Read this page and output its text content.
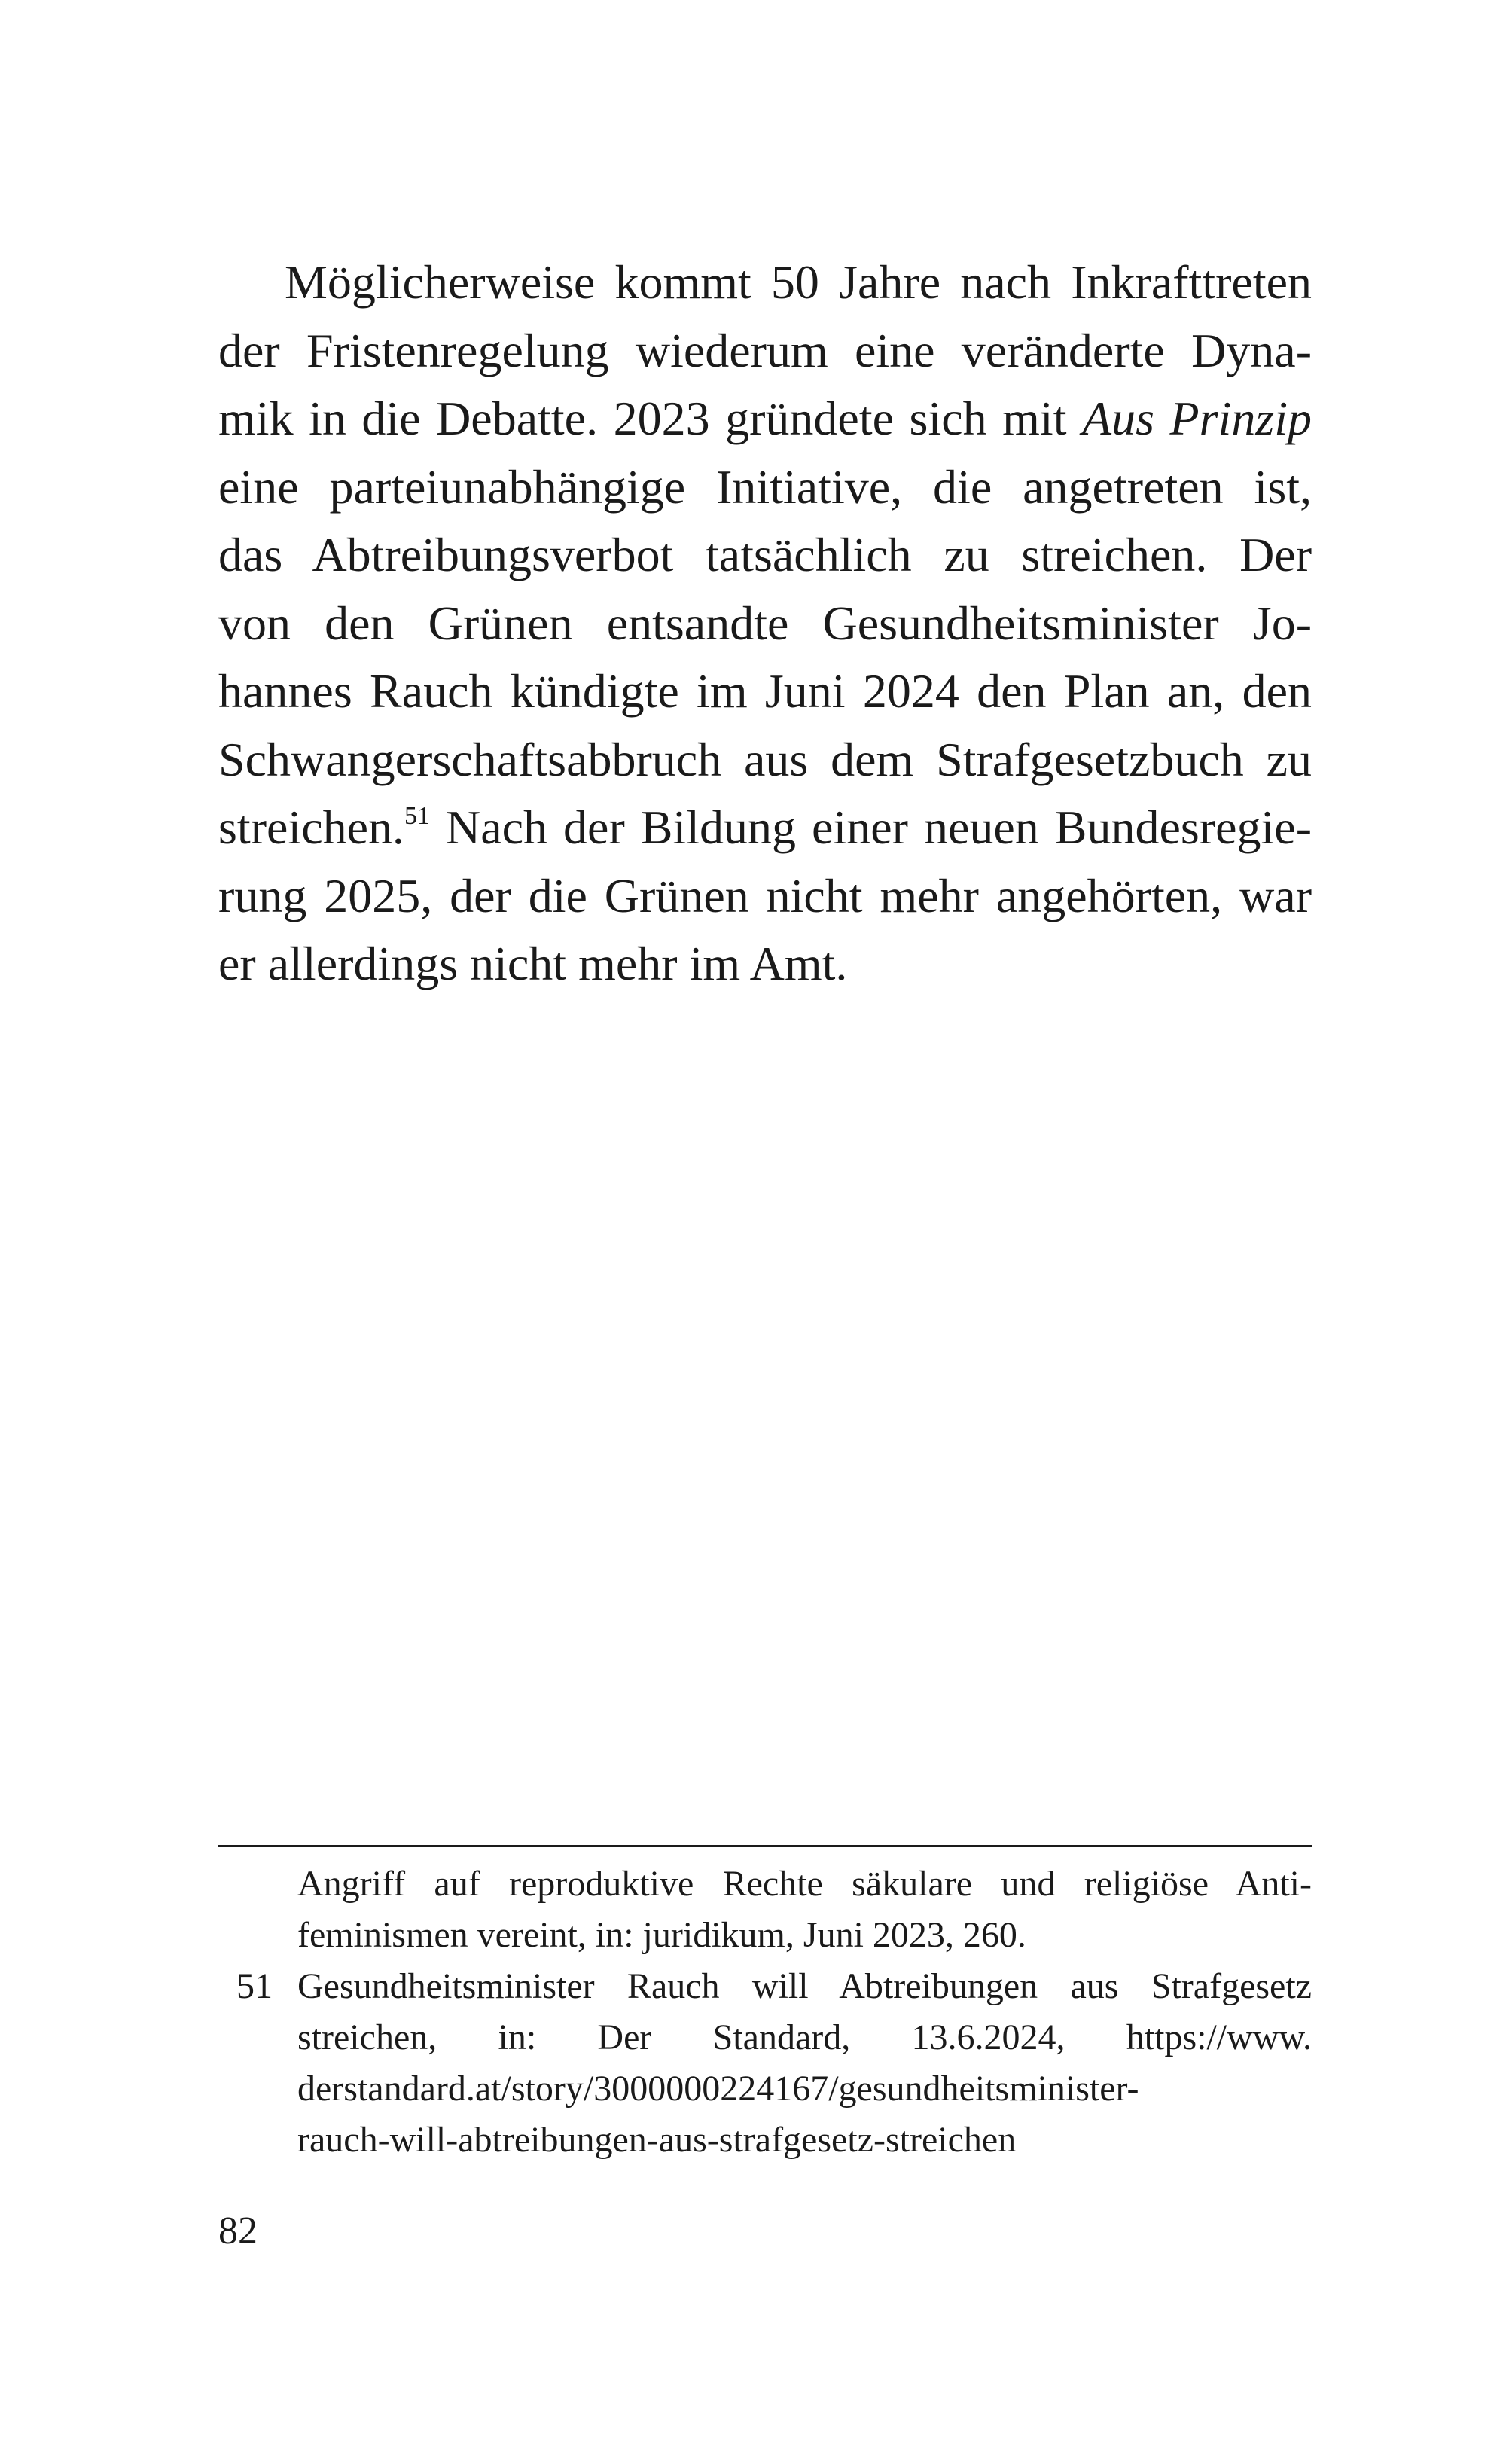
Möglicherweise kommt 50 Jahre nach Inkrafttreten
der Fristenregelung wiederum eine veränderte Dyna-
mik in die Debatte. 2023 gründete sich mit Aus Prinzip
eine parteiunabhängige Initiative, die angetreten ist,
das Abtreibungsverbot tatsächlich zu streichen. Der
von den Grünen entsandte Gesundheitsminister Jo-
hannes Rauch kündigte im Juni 2024 den Plan an, den
Schwangerschaftsabbruch aus dem Strafgesetzbuch zu
streichen.$^{51}$ Nach der Bildung einer neuen Bundesregie-
rung 2025, der die Grünen nicht mehr angehörten, war
er allerdings nicht mehr im Amt.
Angriff auf reproduktive Rechte säkulare und religiöse Anti-
feminismen vereint, in: juridikum, Juni 2023, 260.
51 Gesundheitsminister Rauch will Abtreibungen aus Strafgesetz
streichen, in: Der Standard, 13.6.2024, https://www.
derstandard.at/story/3000000224167/gesundheitsminister-
rauch-will-abtreibungen-aus-strafgesetz-streichen
82
